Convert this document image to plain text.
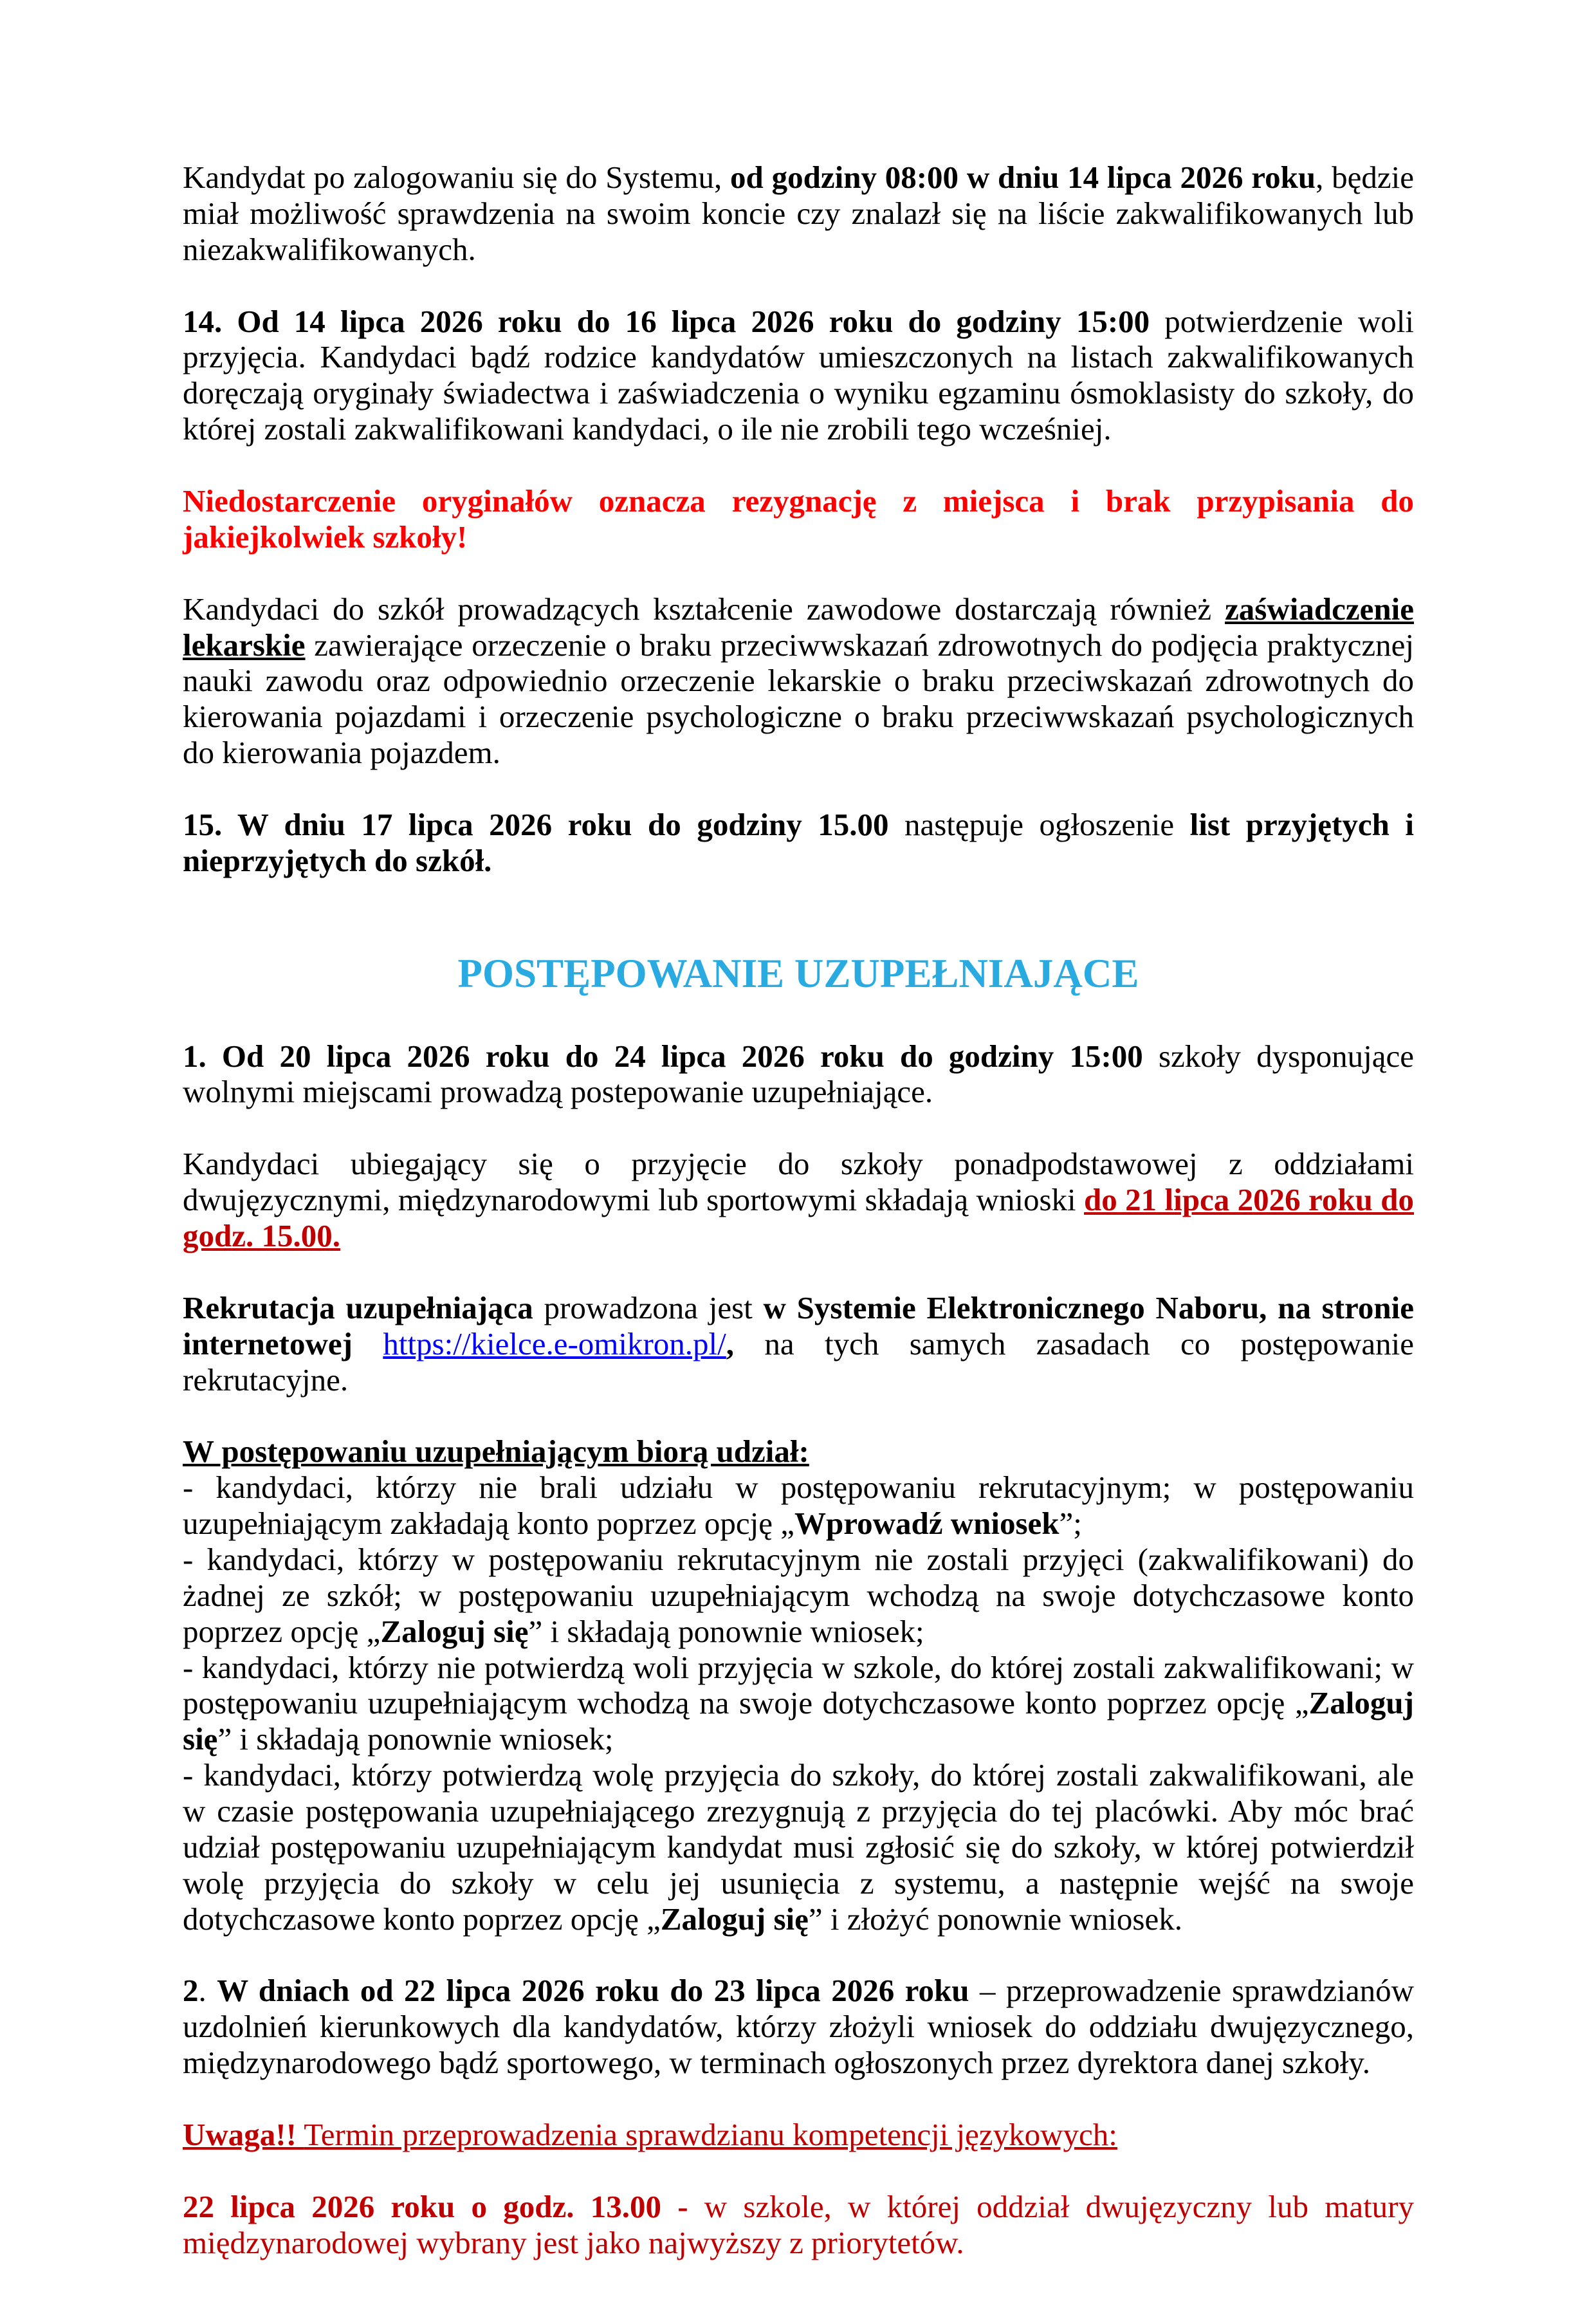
Kandydat po zalogowaniu się do Systemu, od godziny 08:00 w dniu 14 lipca 2026 roku, będzie miał możliwość sprawdzenia na swoim koncie czy znalazł się na liście zakwalifikowanych lub niezakwalifikowanych.

14. Od 14 lipca 2026 roku do 16 lipca 2026 roku do godziny 15:00 potwierdzenie woli przyjęcia. Kandydaci bądź rodzice kandydatów umieszczonych na listach zakwalifikowanych doręczają oryginały świadectwa i zaświadczenia o wyniku egzaminu ósmoklasisty do szkoły, do której zostali zakwalifikowani kandydaci, o ile nie zrobili tego wcześniej.

Niedostarczenie oryginałów oznacza rezygnację z miejsca i brak przypisania do jakiejkolwiek szkoły!

Kandydaci do szkół prowadzących kształcenie zawodowe dostarczają również zaświadczenie lekarskie zawierające orzeczenie o braku przeciwwskazań zdrowotnych do podjęcia praktycznej nauki zawodu oraz odpowiednio orzeczenie lekarskie o braku przeciwskazań zdrowotnych do kierowania pojazdami i orzeczenie psychologiczne o braku przeciwwskazań psychologicznych do kierowania pojazdem.

15. W dniu 17 lipca 2026 roku do godziny 15.00 następuje ogłoszenie list przyjętych i nieprzyjętych do szkół.

POSTĘPOWANIE UZUPEŁNIAJĄCE

1. Od 20 lipca 2026 roku do 24 lipca 2026 roku do godziny 15:00 szkoły dysponujące wolnymi miejscami prowadzą postepowanie uzupełniające.

Kandydaci ubiegający się o przyjęcie do szkoły ponadpodstawowej z oddziałami dwujęzycznymi, międzynarodowymi lub sportowymi składają wnioski do 21 lipca 2026 roku do godz. 15.00.

Rekrutacja uzupełniająca prowadzona jest w Systemie Elektronicznego Naboru, na stronie internetowej https://kielce.e-omikron.pl/, na tych samych zasadach co postępowanie rekrutacyjne.

W postępowaniu uzupełniającym biorą udział:

- kandydaci, którzy nie brali udziału w postępowaniu rekrutacyjnym; w postępowaniu uzupełniającym zakładają konto poprzez opcję „Wprowadź wniosek”;

- kandydaci, którzy w postępowaniu rekrutacyjnym nie zostali przyjęci (zakwalifikowani) do żadnej ze szkół; w postępowaniu uzupełniającym wchodzą na swoje dotychczasowe konto poprzez opcję „Zaloguj się” i składają ponownie wniosek;

- kandydaci, którzy nie potwierdzą woli przyjęcia w szkole, do której zostali zakwalifikowani; w postępowaniu uzupełniającym wchodzą na swoje dotychczasowe konto poprzez opcję „Zaloguj się” i składają ponownie wniosek;

- kandydaci, którzy potwierdzą wolę przyjęcia do szkoły, do której zostali zakwalifikowani, ale w czasie postępowania uzupełniającego zrezygnują z przyjęcia do tej placówki. Aby móc brać udział postępowaniu uzupełniającym kandydat musi zgłosić się do szkoły, w której potwierdził wolę przyjęcia do szkoły w celu jej usunięcia z systemu, a następnie wejść na swoje dotychczasowe konto poprzez opcję „Zaloguj się” i złożyć ponownie wniosek.

2. W dniach od 22 lipca 2026 roku do 23 lipca 2026 roku – przeprowadzenie sprawdzianów uzdolnień kierunkowych dla kandydatów, którzy złożyli wniosek do oddziału dwujęzycznego, międzynarodowego bądź sportowego, w terminach ogłoszonych przez dyrektora danej szkoły.

Uwaga!! Termin przeprowadzenia sprawdzianu kompetencji językowych:

22 lipca 2026 roku o godz. 13.00 - w szkole, w której oddział dwujęzyczny lub matury międzynarodowej wybrany jest jako najwyższy z priorytetów.
